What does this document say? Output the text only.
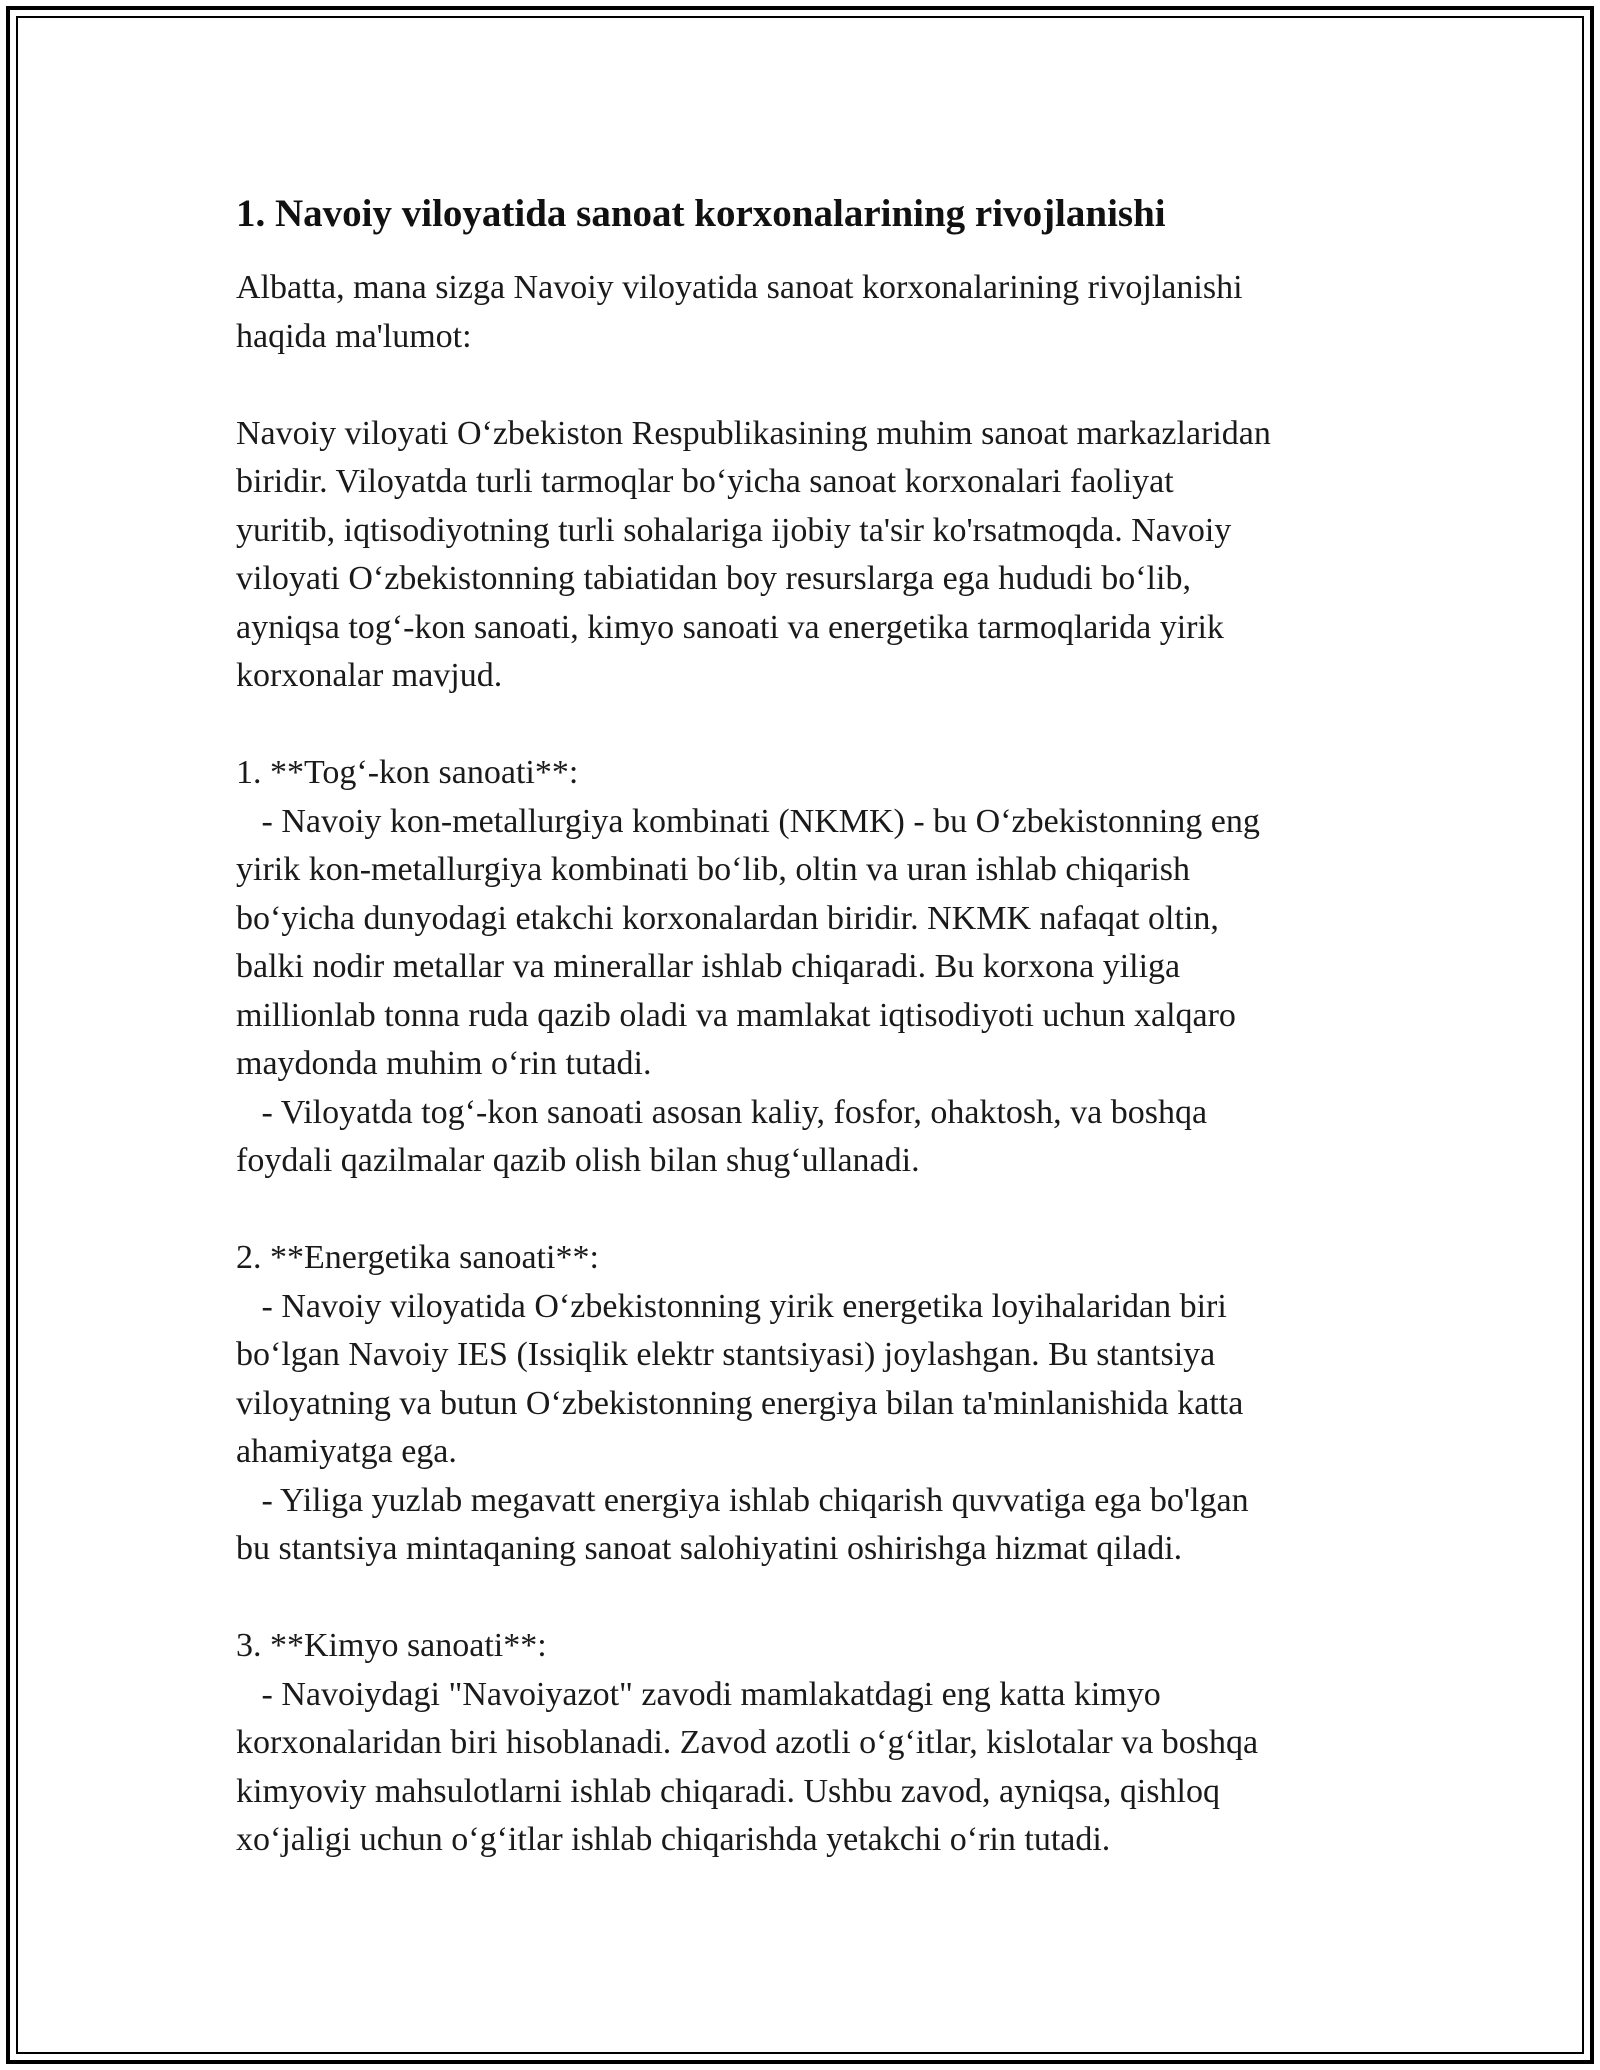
1. Navoiy viloyatida sanoat korxonalarining rivojlanishi

Albatta, mana sizga Navoiy viloyatida sanoat korxonalarining rivojlanishi
haqida ma'lumot:

Navoiy viloyati O‘zbekiston Respublikasining muhim sanoat markazlaridan
biridir. Viloyatda turli tarmoqlar bo‘yicha sanoat korxonalari faoliyat
yuritib, iqtisodiyotning turli sohalariga ijobiy ta'sir ko'rsatmoqda. Navoiy
viloyati O‘zbekistonning tabiatidan boy resurslarga ega hududi bo‘lib,
ayniqsa tog‘-kon sanoati, kimyo sanoati va energetika tarmoqlarida yirik
korxonalar mavjud.

1. **Tog‘-kon sanoati**:
- Navoiy kon-metallurgiya kombinati (NKMK) - bu O‘zbekistonning eng
yirik kon-metallurgiya kombinati bo‘lib, oltin va uran ishlab chiqarish
bo‘yicha dunyodagi etakchi korxonalardan biridir. NKMK nafaqat oltin,
balki nodir metallar va minerallar ishlab chiqaradi. Bu korxona yiliga
millionlab tonna ruda qazib oladi va mamlakat iqtisodiyoti uchun xalqaro
maydonda muhim o‘rin tutadi.
- Viloyatda tog‘-kon sanoati asosan kaliy, fosfor, ohaktosh, va boshqa
foydali qazilmalar qazib olish bilan shug‘ullanadi.

2. **Energetika sanoati**:
- Navoiy viloyatida O‘zbekistonning yirik energetika loyihalaridan biri
bo‘lgan Navoiy IES (Issiqlik elektr stantsiyasi) joylashgan. Bu stantsiya
viloyatning va butun O‘zbekistonning energiya bilan ta'minlanishida katta
ahamiyatga ega.
- Yiliga yuzlab megavatt energiya ishlab chiqarish quvvatiga ega bo'lgan
bu stantsiya mintaqaning sanoat salohiyatini oshirishga hizmat qiladi.

3. **Kimyo sanoati**:
- Navoiydagi "Navoiyazot" zavodi mamlakatdagi eng katta kimyo
korxonalaridan biri hisoblanadi. Zavod azotli o‘g‘itlar, kislotalar va boshqa
kimyoviy mahsulotlarni ishlab chiqaradi. Ushbu zavod, ayniqsa, qishloq
xo‘jaligi uchun o‘g‘itlar ishlab chiqarishda yetakchi o‘rin tutadi.
